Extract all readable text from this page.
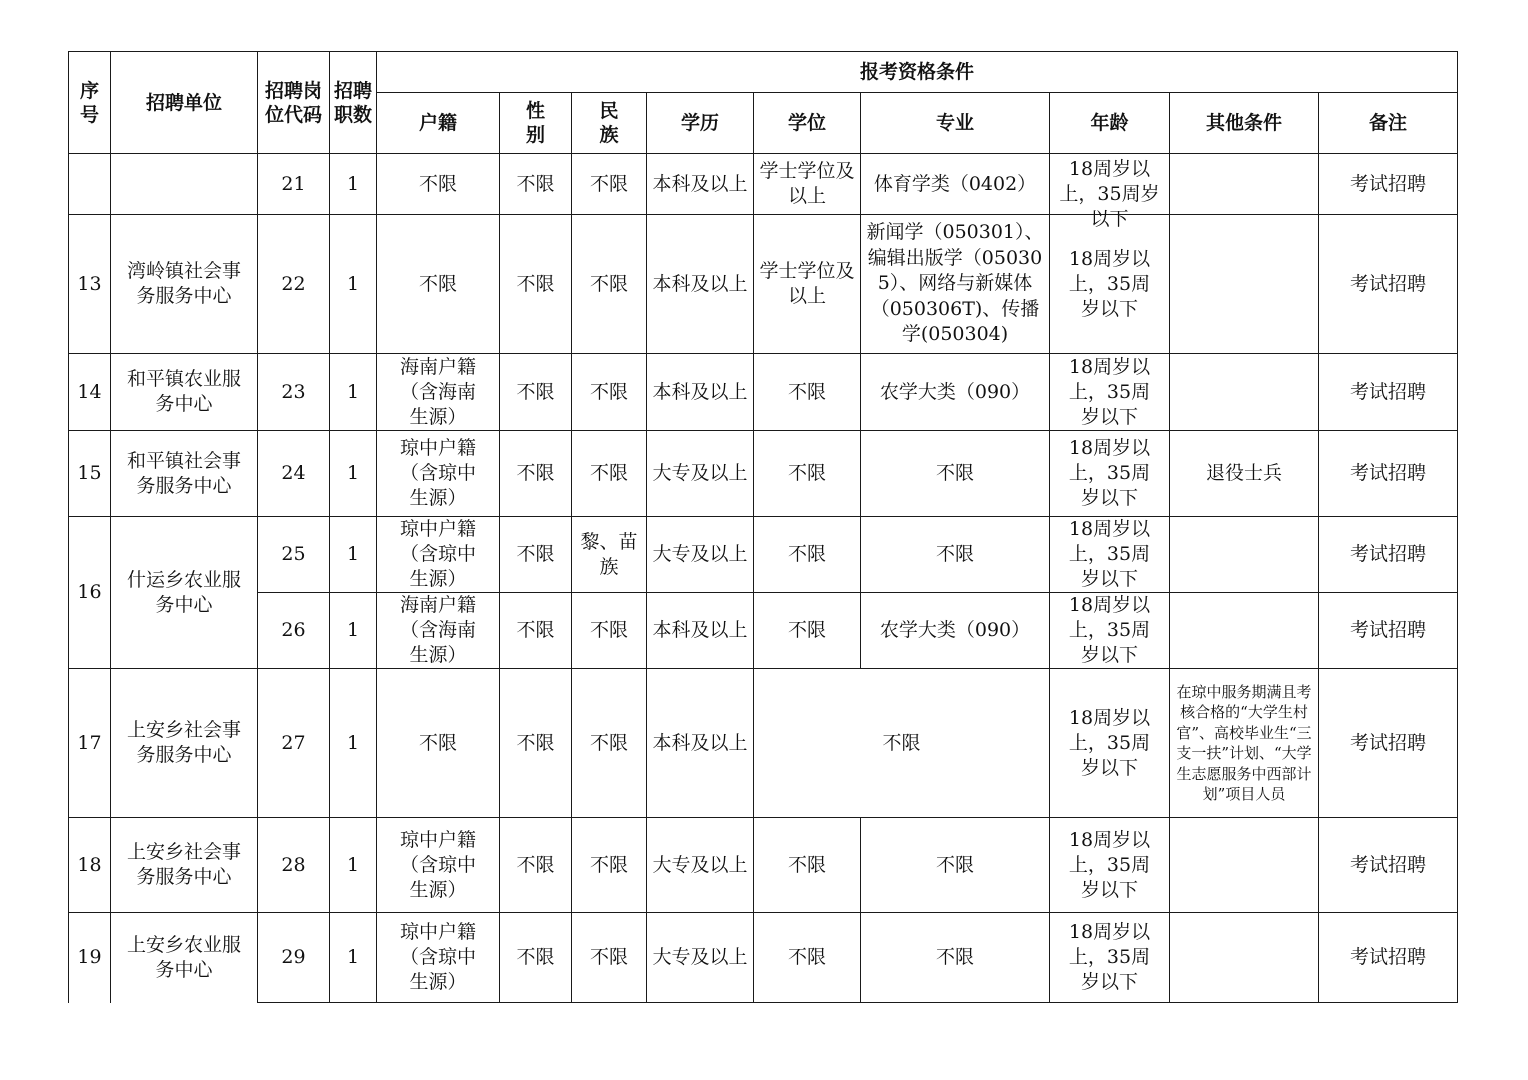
序号	招聘单位	招聘岗位代码	招聘职数	报考资格条件								
				户籍	性别	民族	学历	学位	专业	年龄	其他条件	备注
		21	1	不限	不限	不限	本科及以上	学士学位及以上	体育学类（0402）	18周岁以上，35周岁以下		考试招聘
13	湾岭镇社会事务服务中心	22	1	不限	不限	不限	本科及以上	学士学位及以上	新闻学（050301）、编辑出版学（050305）、网络与新媒体（050306T)、传播学(050304)	18周岁以上，35周岁以下		考试招聘
14	和平镇农业服务中心	23	1	海南户籍（含海南生源）	不限	不限	本科及以上	不限	农学大类（090）	18周岁以上，35周岁以下		考试招聘
15	和平镇社会事务服务中心	24	1	琼中户籍（含琼中生源）	不限	不限	大专及以上	不限	不限	18周岁以上，35周岁以下	退役士兵	考试招聘
16	什运乡农业服务中心	25	1	琼中户籍（含琼中生源）	不限	黎、苗族	大专及以上	不限	不限	18周岁以上，35周岁以下		考试招聘
		26	1	海南户籍（含海南生源）	不限	不限	本科及以上	不限	农学大类（090）	18周岁以上，35周岁以下		考试招聘
17	上安乡社会事务服务中心	27	1	不限	不限	不限	本科及以上	不限		18周岁以上，35周岁以下	在琼中服务期满且考核合格的“大学生村官”、高校毕业生“三支一扶”计划、“大学生志愿服务中西部计划”项目人员	考试招聘
18	上安乡社会事务服务中心	28	1	琼中户籍（含琼中生源）	不限	不限	大专及以上	不限	不限	18周岁以上，35周岁以下		考试招聘
19	上安乡农业服务中心	29	1	琼中户籍（含琼中生源）	不限	不限	大专及以上	不限	不限	18周岁以上，35周岁以下		考试招聘
